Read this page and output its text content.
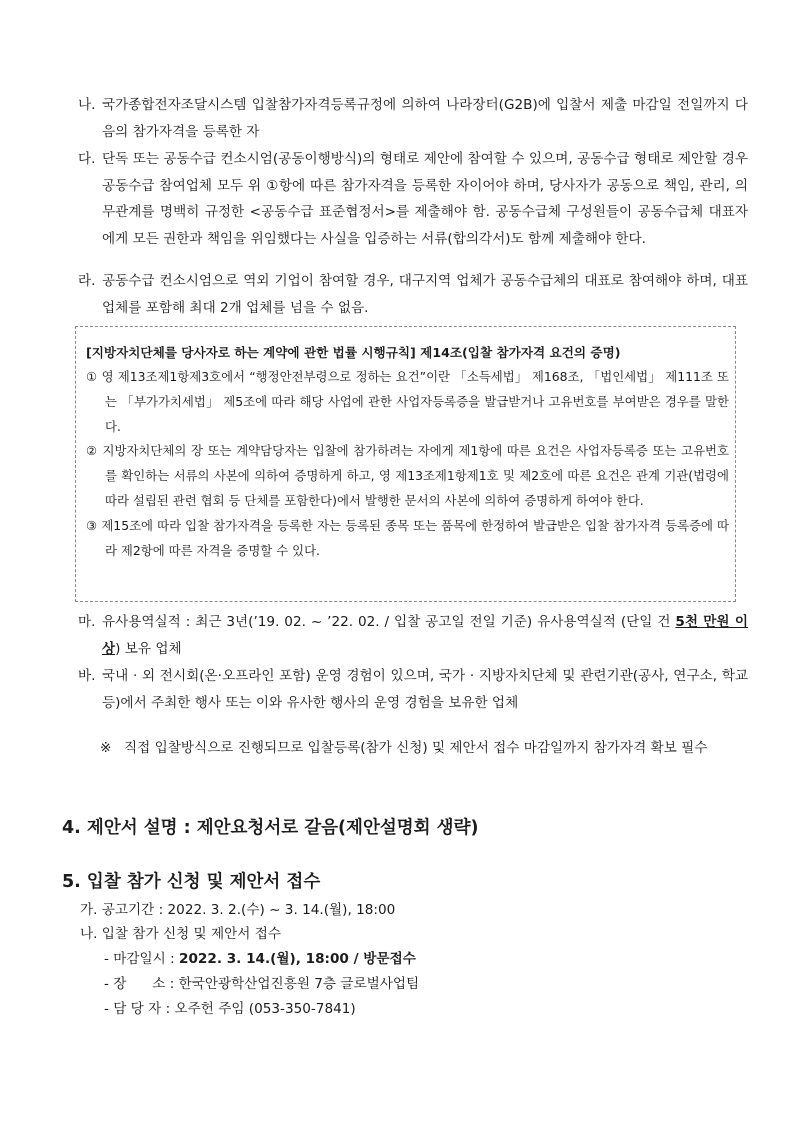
나. 국가종합전자조달시스템 입찰참가자격등록규정에 의하여 나라장터(G2B)에 입찰서 제출 마감일 전일까지 다음의 참가자격을 등록한 자
다. 단독 또는 공동수급 컨소시엄(공동이행방식)의 형태로 제안에 참여할 수 있으며, 공동수급 형태로 제안할 경우 공동수급 참여업체 모두 위 ①항에 따른 참가자격을 등록한 자이어야 하며, 당사자가 공동으로 책임, 관리, 의무관계를 명백히 규정한 <공동수급 표준협정서>를 제출해야 함. 공동수급체 구성원들이 공동수급체 대표자에게 모든 권한과 책임을 위임했다는 사실을 입증하는 서류(합의각서)도 함께 제출해야 한다.
라. 공동수급 컨소시엄으로 역외 기업이 참여할 경우, 대구지역 업체가 공동수급체의 대표로 참여해야 하며, 대표업체를 포함해 최대 2개 업체를 넘을 수 없음.
[지방자치단체를 당사자로 하는 계약에 관한 법률 시행규칙] 제14조(입찰 참가자격 요건의 증명)
① 영 제13조제1항제3호에서 “행정안전부령으로 정하는 요건”이란 「소득세법」 제168조, 「법인세법」 제111조 또는 「부가가치세법」 제5조에 따라 해당 사업에 관한 사업자등록증을 발급받거나 고유번호를 부여받은 경우를 말한다.
② 지방자치단체의 장 또는 계약담당자는 입찰에 참가하려는 자에게 제1항에 따른 요건은 사업자등록증 또는 고유번호를 확인하는 서류의 사본에 의하여 증명하게 하고, 영 제13조제1항제1호 및 제2호에 따른 요건은 관계 기관(법령에 따라 설립된 관련 협회 등 단체를 포함한다)에서 발행한 문서의 사본에 의하여 증명하게 하여야 한다.
③ 제15조에 따라 입찰 참가자격을 등록한 자는 등록된 종목 또는 품목에 한정하여 발급받은 입찰 참가자격 등록증에 따라 제2항에 따른 자격을 증명할 수 있다.
마. 유사용역실적 : 최근 3년(’19. 02. ~ ’22. 02. / 입찰 공고일 전일 기준) 유사용역실적 (단일 건 5천 만원 이상) 보유 업체
바. 국내 · 외 전시회(온·오프라인 포함) 운영 경험이 있으며, 국가 · 지방자치단체 및 관련기관(공사, 연구소, 학교 등)에서 주최한 행사 또는 이와 유사한 행사의 운영 경험을 보유한 업체
※ 직접 입찰방식으로 진행되므로 입찰등록(참가 신청) 및 제안서 접수 마감일까지 참가자격 확보 필수
4. 제안서 설명 : 제안요청서로 갈음(제안설명회 생략)
5. 입찰 참가 신청 및 제안서 접수
가. 공고기간 : 2022. 3. 2.(수) ~ 3. 14.(월), 18:00
나. 입찰 참가 신청 및 제안서 접수
- 마감일시 : 2022. 3. 14.(월), 18:00 / 방문접수
- 장      소 : 한국안광학산업진흥원 7층 글로벌사업팀
- 담 당 자 : 오주헌 주임 (053-350-7841)
